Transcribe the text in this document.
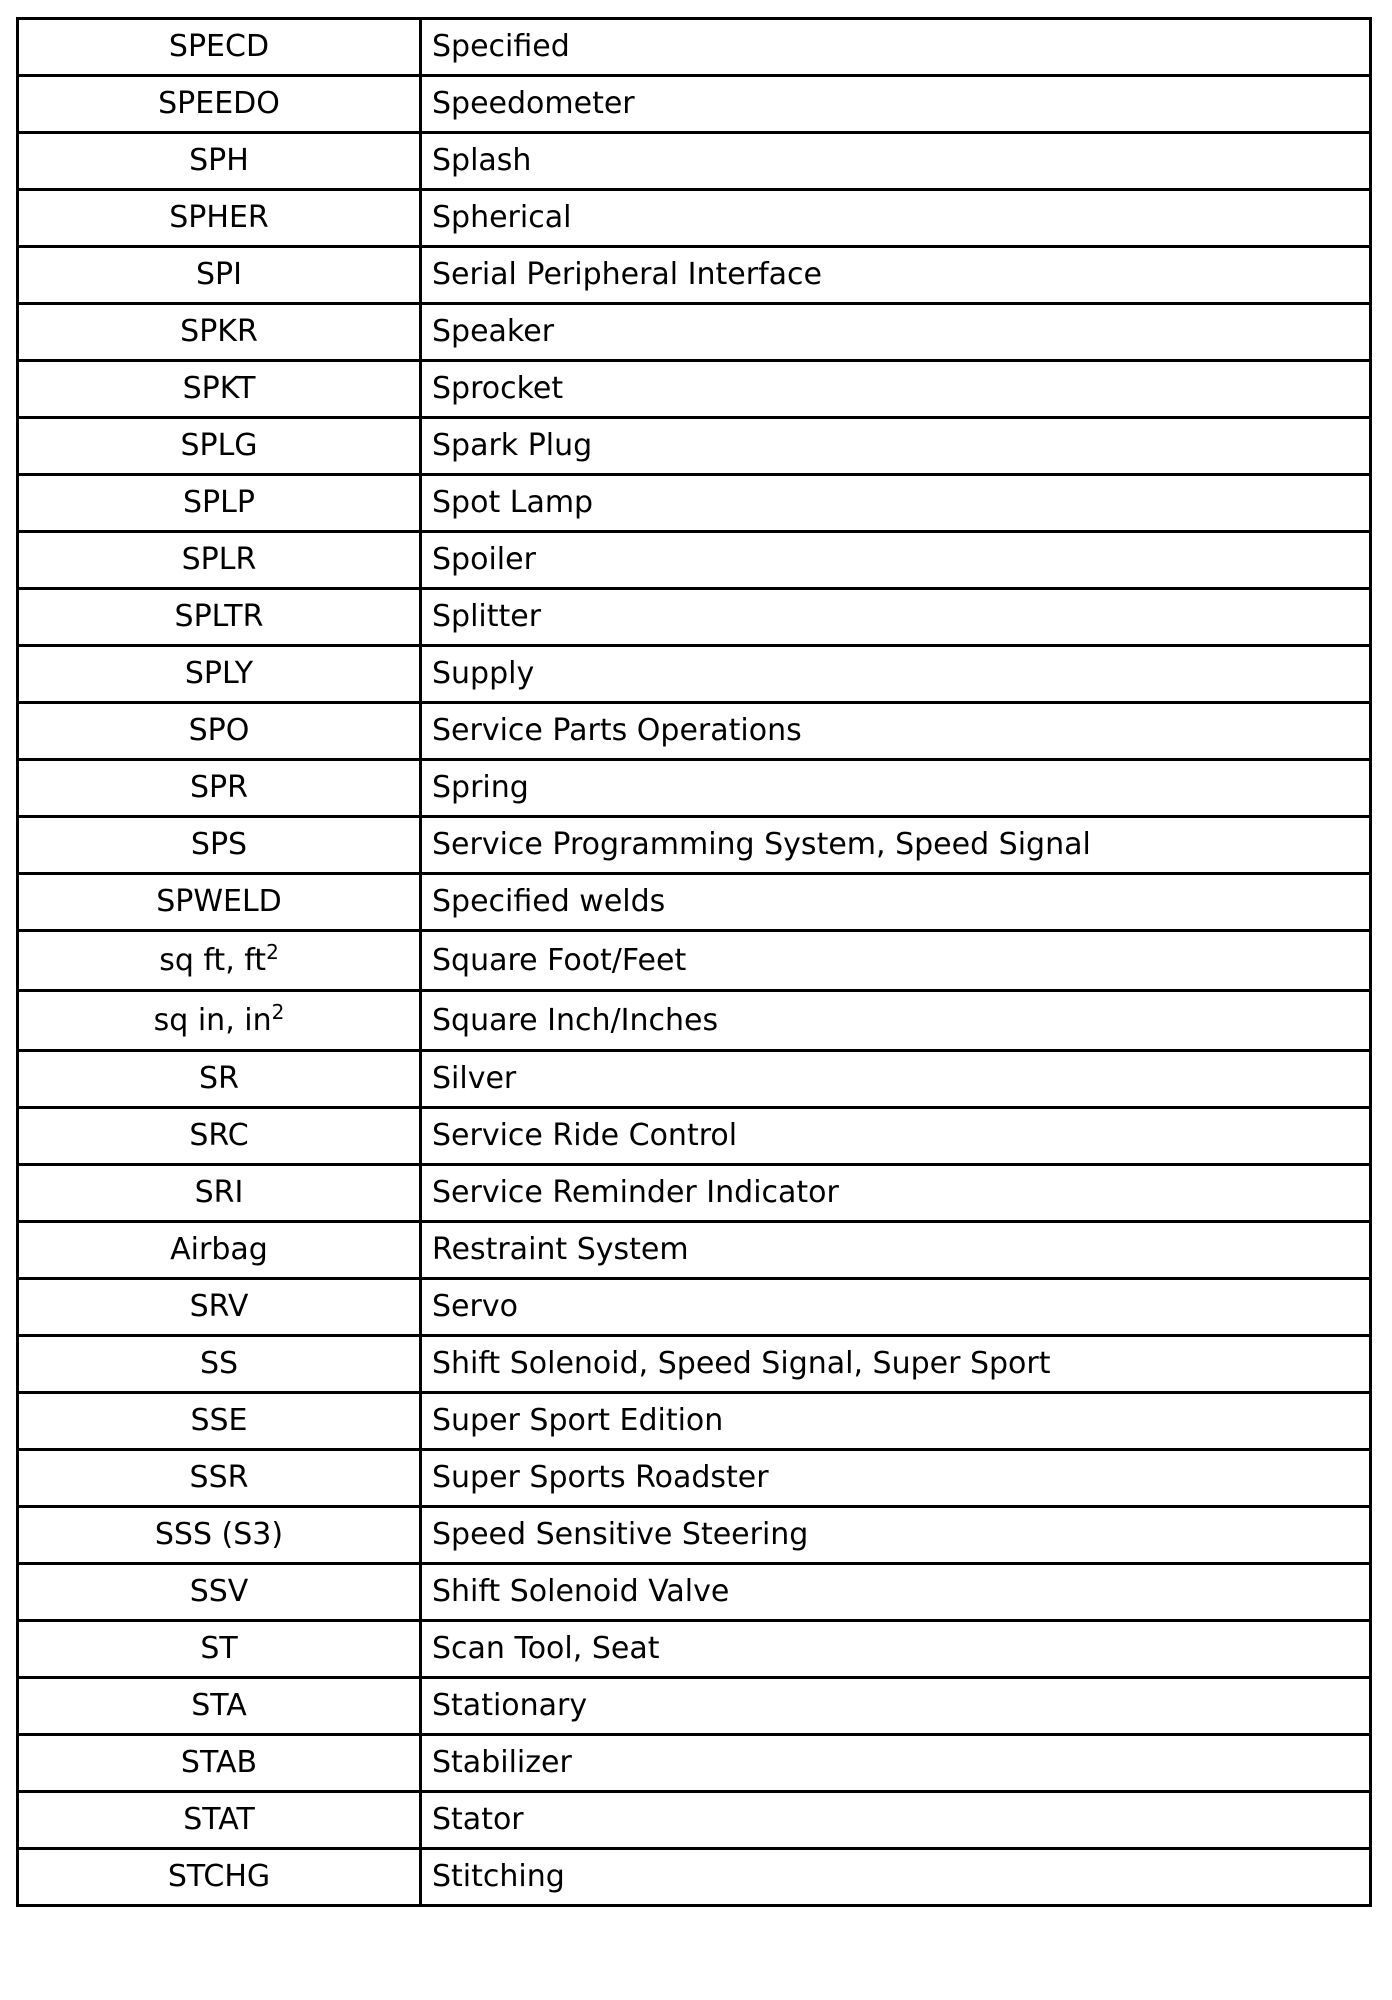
SPECD	Specified
SPEEDO	Speedometer
SPH	Splash
SPHER	Spherical
SPI	Serial Peripheral Interface
SPKR	Speaker
SPKT	Sprocket
SPLG	Spark Plug
SPLP	Spot Lamp
SPLR	Spoiler
SPLTR	Splitter
SPLY	Supply
SPO	Service Parts Operations
SPR	Spring
SPS	Service Programming System, Speed Signal
SPWELD	Specified welds
sq ft, $ft^2$	Square Foot/Feet
sq in, $in^2$	Square Inch/Inches
SR	Silver
SRC	Service Ride Control
SRI	Service Reminder Indicator
Airbag	Restraint System
SRV	Servo
SS	Shift Solenoid, Speed Signal, Super Sport
SSE	Super Sport Edition
SSR	Super Sports Roadster
SSS (S3)	Speed Sensitive Steering
SSV	Shift Solenoid Valve
ST	Scan Tool, Seat
STA	Stationary
STAB	Stabilizer
STAT	Stator
STCHG	Stitching
